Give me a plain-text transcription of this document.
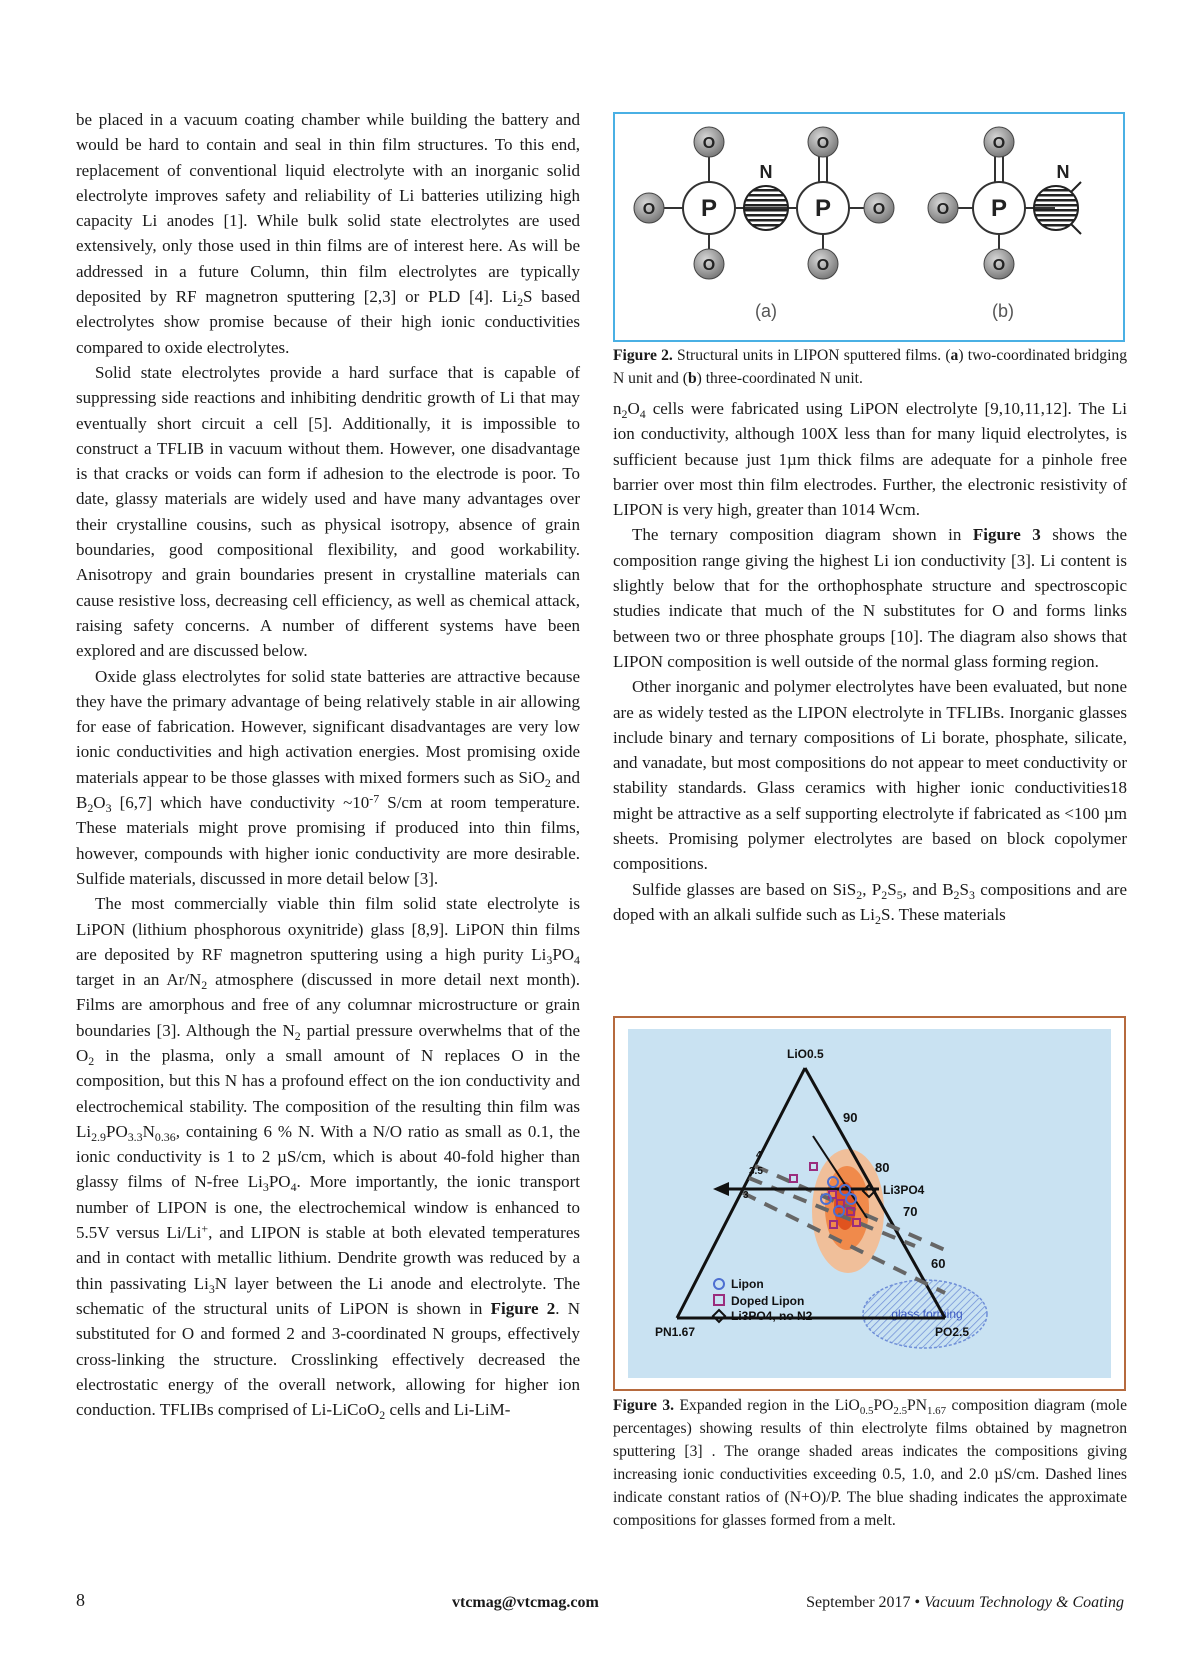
be placed in a vacuum coating chamber while building the battery and would be hard to contain and seal in thin film structures. To this end, replacement of conventional liquid electrolyte with an inorganic solid electrolyte improves safety and reliability of Li batteries utilizing high capacity Li anodes [1]. While bulk solid state electrolytes are used extensively, only those used in thin films are of interest here. As will be addressed in a future Column, thin film electrolytes are typically deposited by RF magnetron sputtering [2,3] or PLD [4]. $Li_2S$ based electrolytes show promise because of their high ionic conductivities compared to oxide electrolytes.

Solid state electrolytes provide a hard surface that is capable of suppressing side reactions and inhibiting dendritic growth of Li that may eventually short circuit a cell [5]. Additionally, it is impossible to construct a TFLIB in vacuum without them. However, one disadvantage is that cracks or voids can form if adhesion to the electrode is poor. To date, glassy materials are widely used and have many advantages over their crystalline cousins, such as physical isotropy, absence of grain boundaries, good compositional flexibility, and good workability. Anisotropy and grain boundaries present in crystalline materials can cause resistive loss, decreasing cell efficiency, as well as chemical attack, raising safety concerns. A number of different systems have been explored and are discussed below.

Oxide glass electrolytes for solid state batteries are attractive because they have the primary advantage of being relatively stable in air allowing for ease of fabrication. However, significant disadvantages are very low ionic conductivities and high activation energies. Most promising oxide materials appear to be those glasses with mixed formers such as SiO$_2$ and $B_2O_3$ [6,7] which have conductivity $\sim 10^{-7}$ S/cm at room temperature. These materials might prove promising if produced into thin films, however, compounds with higher ionic conductivity are more desirable. Sulfide materials, discussed in more detail below [3].

The most commercially viable thin film solid state electrolyte is LiPON (lithium phosphorous oxynitride) glass [8,9]. LiPON thin films are deposited by RF magnetron sputtering using a high purity $Li_3PO_4$ target in an $Ar/N_2$ atmosphere (discussed in more detail next month). Films are amorphous and free of any columnar microstructure or grain boundaries [3]. Although the $N_2$ partial pressure overwhelms that of the $O_2$ in the plasma, only a small amount of N replaces O in the composition, but this N has a profound effect on the ion conductivity and electrochemical stability. The composition of the resulting thin film was $Li_{2.9}PO_{3.3}N_{0.36}$, containing 6 % N. With a N/O ratio as small as 0.1, the ionic conductivity is 1 to 2 µS/cm, which is about 40-fold higher than glassy films of N-free $Li_3PO_4$. More importantly, the ionic transport number of LIPON is one, the electrochemical window is enhanced to 5.5V versus Li/Li+, and LIPON is stable at both elevated temperatures and in contact with metallic lithium. Dendrite growth was reduced by a thin passivating $Li_3N$ layer between the Li anode and electrolyte. The schematic of the structural units of LiPON is shown in Figure 2. N substituted for O and formed 2 and 3-coordinated N groups, effectively cross-linking the structure. Crosslinking effectively decreased the electrostatic energy of the overall network, allowing for higher ion conduction. TFLIBs comprised of Li-LiCoO$_2$ cells and Li-LiM-

O
O
O
O
O
O	O
O
O
P	P	P
N	N
(a)	(b)
Figure 2. Structural units in LIPON sputtered films. (a) two-coordinated bridging N unit and (b) three-coordinated N unit.

$n_2O_4$ cells were fabricated using LiPON electrolyte [9,10,11,12]. The Li ion conductivity, although 100X less than for many liquid electrolytes, is sufficient because just 1µm thick films are adequate for a pinhole free barrier over most thin film electrodes. Further, the electronic resistivity of LIPON is very high, greater than 1014 Wcm.

The ternary composition diagram shown in Figure 3 shows the composition range giving the highest Li ion conductivity [3]. Li content is slightly below that for the orthophosphate structure and spectroscopic studies indicate that much of the N substitutes for O and forms links between two or three phosphate groups [10]. The diagram also shows that LIPON composition is well outside of the normal glass forming region.

Other inorganic and polymer electrolytes have been evaluated, but none are as widely tested as the LIPON electrolyte in TFLIBs. Inorganic glasses include binary and ternary compositions of Li borate, phosphate, silicate, and vanadate, but most compositions do not appear to meet conductivity or stability standards. Glass ceramics with higher ionic conductivities18 might be attractive as a self supporting electrolyte if fabricated as <100 µm sheets. Promising polymer electrolytes are based on block copolymer compositions.

Sulfide glasses are based on SiS$_2$, $P_2S_5$, and $B_2S_3$ compositions and are doped with an alkali sulfide such as $Li_2S$. These materials

glass forming
90
80
70
60
4
3.5
3
LiO0.5
PN1.67	PO2.5
Li3PO4
Lipon
Doped Lipon
Li3PO4, no N2
Figure 3. Expanded region in the $LiO_{0.5}PO_{2.5}PN_{1.67}$ composition diagram (mole percentages) showing results of thin electrolyte films obtained by magnetron sputtering [3] . The orange shaded areas indicates the compositions giving increasing ionic conductivities exceeding 0.5, 1.0, and 2.0 µS/cm. Dashed lines indicate constant ratios of (N+O)/P. The blue shading indicates the approximate compositions for glasses formed from a melt.
8	vtcmag@vtcmag.com	September 2017 • Vacuum Technology & Coating
